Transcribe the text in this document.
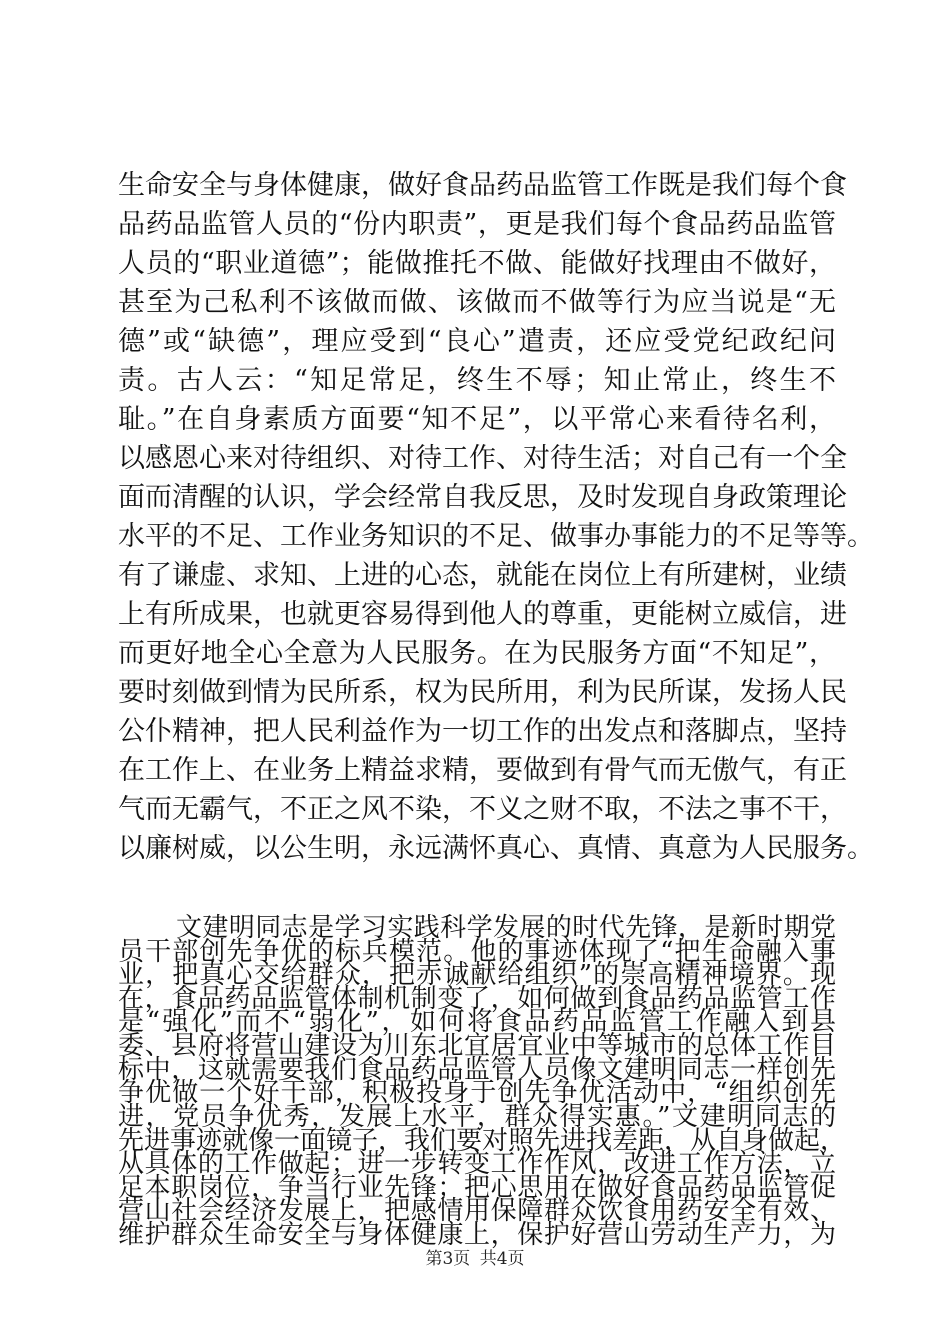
生命安全与身体健康，做好食品药品监管工作既是我们每个食
品药品监管人员的“份内职责”，更是我们每个食品药品监管
人员的“职业道德”；能做推托不做、能做好找理由不做好，
甚至为己私利不该做而做、该做而不做等行为应当说是“无
德”或“缺德”，理应受到“良心”遣责，还应受党纪政纪问
责。古人云：“知足常足，终生不辱；知止常止，终生不
耻。”在自身素质方面要“知不足”，以平常心来看待名利，
以感恩心来对待组织、对待工作、对待生活；对自己有一个全
面而清醒的认识，学会经常自我反思，及时发现自身政策理论
水平的不足、工作业务知识的不足、做事办事能力的不足等等。
有了谦虚、求知、上进的心态，就能在岗位上有所建树，业绩
上有所成果，也就更容易得到他人的尊重，更能树立威信，进
而更好地全心全意为人民服务。在为民服务方面“不知足”，
要时刻做到情为民所系，权为民所用，利为民所谋，发扬人民
公仆精神，把人民利益作为一切工作的出发点和落脚点，坚持
在工作上、在业务上精益求精，要做到有骨气而无傲气，有正
气而无霸气，不正之风不染，不义之财不取，不法之事不干，
以廉树威，以公生明，永远满怀真心、真情、真意为人民服务。
文建明同志是学习实践科学发展的时代先锋，是新时期党
员干部创先争优的标兵模范。他的事迹体现了“把生命融入事
业，把真心交给群众，把赤诚献给组织”的崇高精神境界。现
在，食品药品监管体制机制变了，如何做到食品药品监管工作
是“强化”而不“弱化”，如何将食品药品监管工作融入到县
委、县府将营山建设为川东北宜居宜业中等城市的总体工作目
标中，这就需要我们食品药品监管人员像文建明同志一样创先
争优做一个好干部，积极投身于创先争优活动中，“组织创先
进，党员争优秀，发展上水平，群众得实惠。”文建明同志的
先进事迹就像一面镜子，我们要对照先进找差距，从自身做起，
从具体的工作做起；进一步转变工作作风，改进工作方法，立
足本职岗位，争当行业先锋；把心思用在做好食品药品监管促
营山社会经济发展上，把感情用保障群众饮食用药安全有效、
维护群众生命安全与身体健康上，保护好营山劳动生产力，为
第3页 共4页
